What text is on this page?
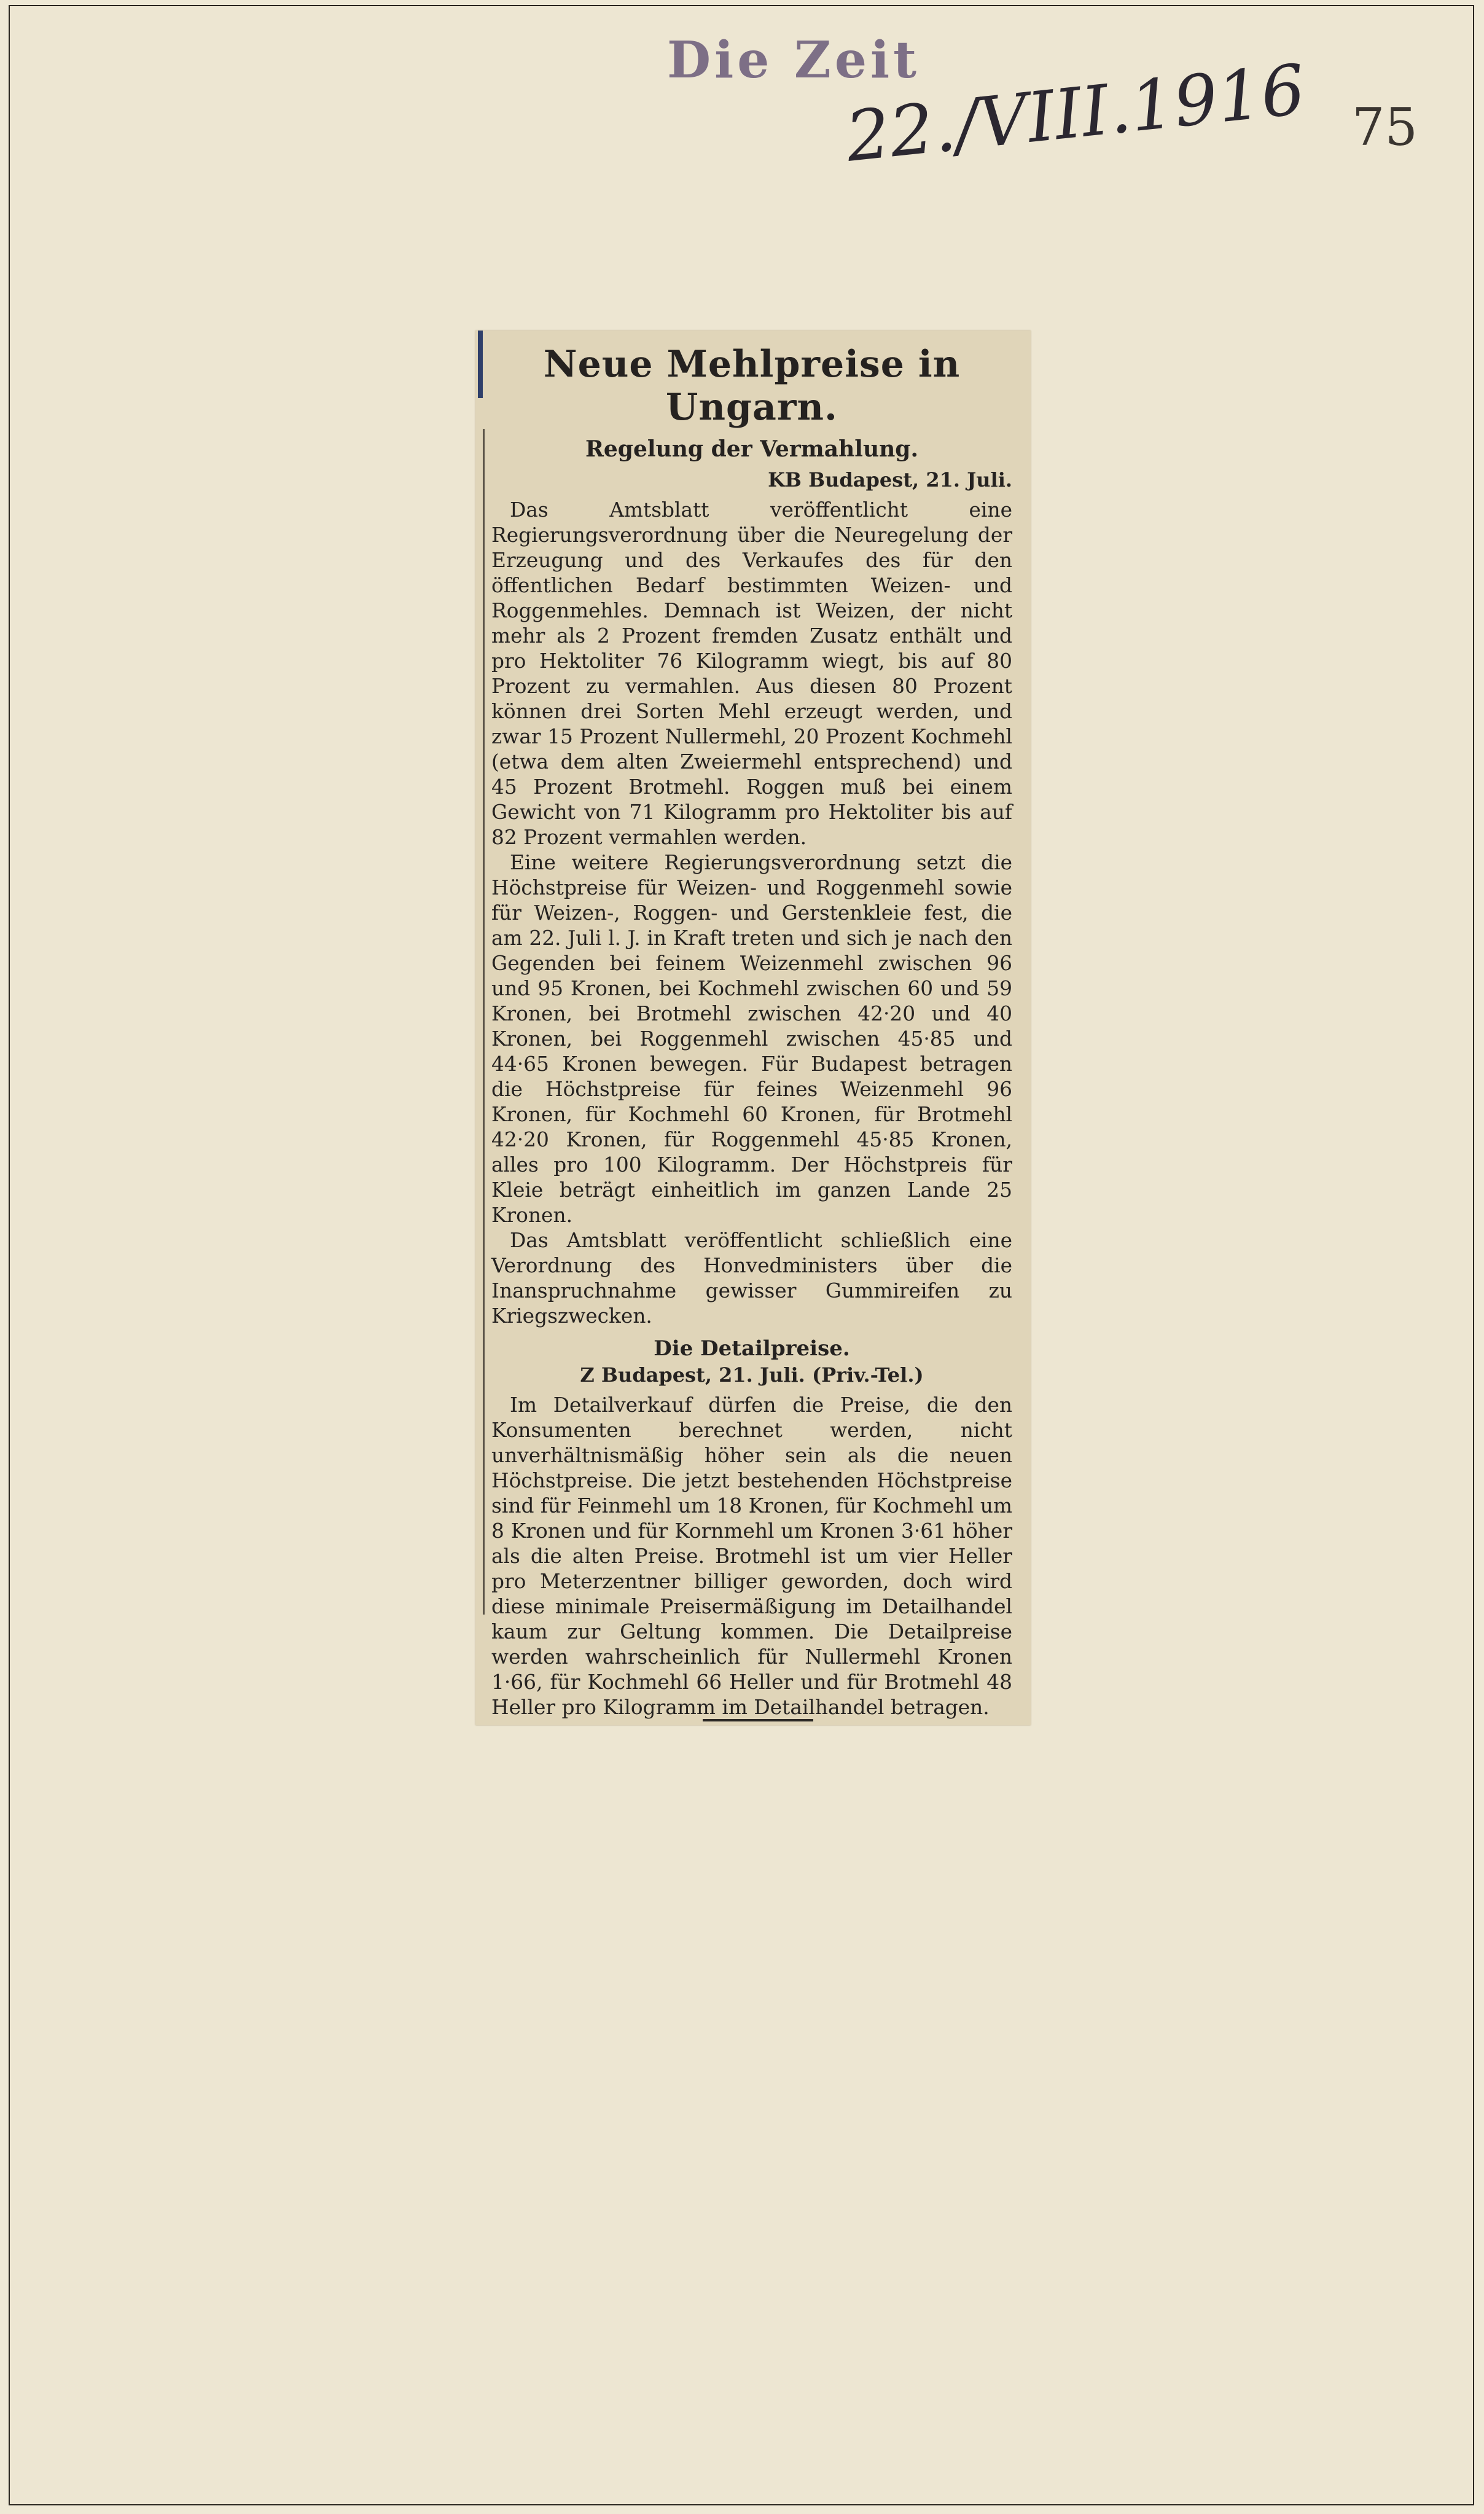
Die Zeit
22./VIII.1916 75
Neue Mehlpreise in Ungarn.
Regelung der Vermahlung.
KB Budapest, 21. Juli.

Das Amtsblatt veröffentlicht eine Regierungsverordnung über die Neuregelung der Erzeugung und des Verkaufes des für den öffentlichen Bedarf bestimmten Weizen- und Roggenmehles. Demnach ist Weizen, der nicht mehr als 2 Prozent fremden Zusatz enthält und pro Hektoliter 76 Kilogramm wiegt, bis auf 80 Prozent zu vermahlen. Aus diesen 80 Prozent können drei Sorten Mehl erzeugt werden, und zwar 15 Prozent Nullermehl, 20 Prozent Kochmehl (etwa dem alten Zweiermehl entsprechend) und 45 Prozent Brotmehl. Roggen muß bei einem Gewicht von 71 Kilogramm pro Hektoliter bis auf 82 Prozent vermahlen werden.

Eine weitere Regierungsverordnung setzt die Höchstpreise für Weizen- und Roggenmehl sowie für Weizen-, Roggen- und Gerstenkleie fest, die am 22. Juli l. J. in Kraft treten und sich je nach den Gegenden bei feinem Weizenmehl zwischen 96 und 95 Kronen, bei Kochmehl zwischen 60 und 59 Kronen, bei Brotmehl zwischen 42·20 und 40 Kronen, bei Roggenmehl zwischen 45·85 und 44·65 Kronen bewegen. Für Budapest betragen die Höchstpreise für feines Weizenmehl 96 Kronen, für Kochmehl 60 Kronen, für Brotmehl 42·20 Kronen, für Roggenmehl 45·85 Kronen, alles pro 100 Kilogramm. Der Höchstpreis für Kleie beträgt einheitlich im ganzen Lande 25 Kronen.

Das Amtsblatt veröffentlicht schließlich eine Verordnung des Honvedministers über die Inanspruchnahme gewisser Gummireifen zu Kriegszwecken.

Die Detailpreise.
Z Budapest, 21. Juli. (Priv.-Tel.)

Im Detailverkauf dürfen die Preise, die den Konsumenten berechnet werden, nicht unverhältnismäßig höher sein als die neuen Höchstpreise. Die jetzt bestehenden Höchstpreise sind für Feinmehl um 18 Kronen, für Kochmehl um 8 Kronen und für Kornmehl um Kronen 3·61 höher als die alten Preise. Brotmehl ist um vier Heller pro Meterzentner billiger geworden, doch wird diese minimale Preisermäßigung im Detailhandel kaum zur Geltung kommen. Die Detailpreise werden wahrscheinlich für Nullermehl Kronen 1·66, für Kochmehl 66 Heller und für Brotmehl 48 Heller pro Kilogramm im Detailhandel betragen.
